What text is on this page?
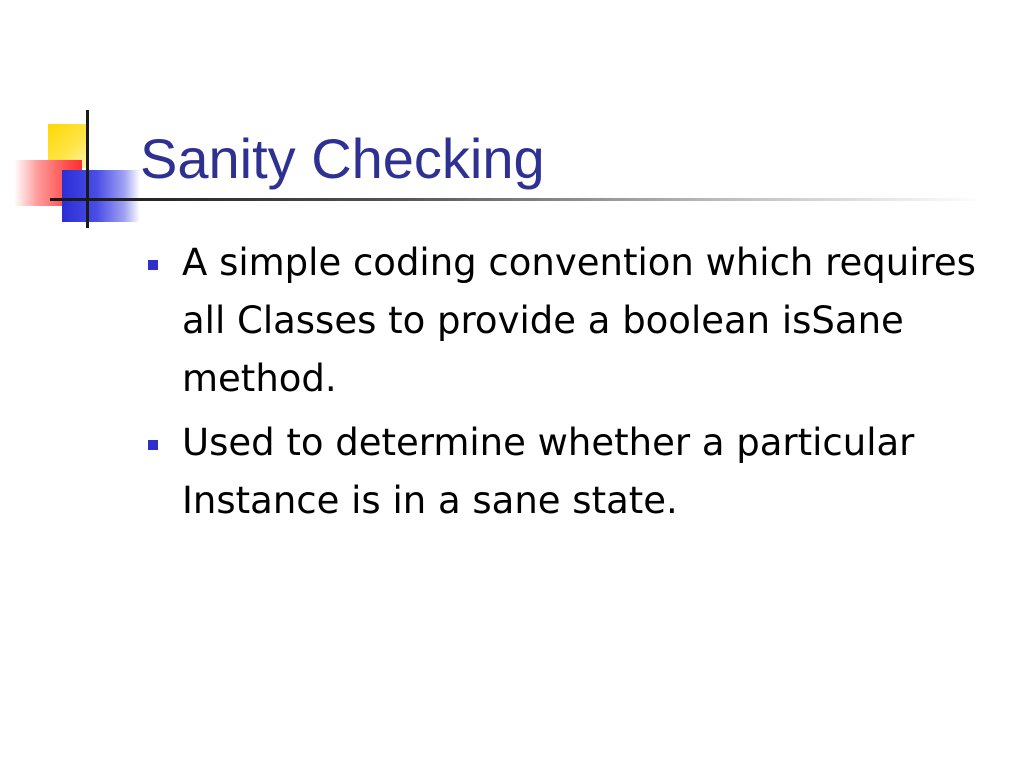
Sanity Checking
A simple coding convention which requires all Classes to provide a boolean isSane method.
Used to determine whether a particular Instance is in a sane state.
